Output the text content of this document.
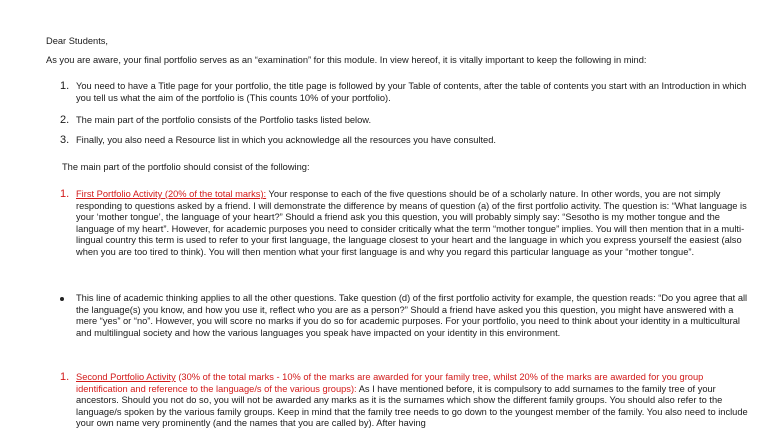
Dear Students,

As you are aware, your final portfolio serves as an “examination” for this module. In view hereof, it is vitally important to keep the following in mind:

1. You need to have a Title page for your portfolio, the title page is followed by your Table of contents, after the table of contents you start with an Introduction in which you tell us what the aim of the portfolio is (This counts 10% of your portfolio).
2. The main part of the portfolio consists of the Portfolio tasks listed below.
3. Finally, you also need a Resource list in which you acknowledge all the resources you have consulted.

The main part of the portfolio should consist of the following:

1. First Portfolio Activity (20% of the total marks): Your response to each of the five questions should be of a scholarly nature. In other words, you are not simply responding to questions asked by a friend. I will demonstrate the difference by means of question (a) of the first portfolio activity. The question is: “What language is your ‘mother tongue’, the language of your heart?” Should a friend ask you this question, you will probably simply say: “Sesotho is my mother tongue and the language of my heart”. However, for academic purposes you need to consider critically what the term “mother tongue” implies. You will then mention that in a multi-lingual country this term is used to refer to your first language, the language closest to your heart and the language in which you express yourself the easiest (also when you are too tired to think). You will then mention what your first language is and why you regard this particular language as your “mother tongue”.
This line of academic thinking applies to all the other questions. Take question (d) of the first portfolio activity for example, the question reads: “Do you agree that all the language(s) you know, and how you use it, reflect who you are as a person?” Should a friend have asked you this question, you might have answered with a mere “yes” or “no”. However, you will score no marks if you do so for academic purposes. For your portfolio, you need to think about your identity in a multicultural and multilingual society and how the various languages you speak have impacted on your identity in this environment.
1. Second Portfolio Activity (30% of the total marks - 10% of the marks are awarded for your family tree, whilst 20% of the marks are awarded for you group identification and reference to the language/s of the various groups): As I have mentioned before, it is compulsory to add surnames to the family tree of your ancestors. Should you not do so, you will not be awarded any marks as it is the surnames which show the different family groups. You should also refer to the language/s spoken by the various family groups. Keep in mind that the family tree needs to go down to the youngest member of the family. You also need to include your own name very prominently (and the names that you are called by). After having
